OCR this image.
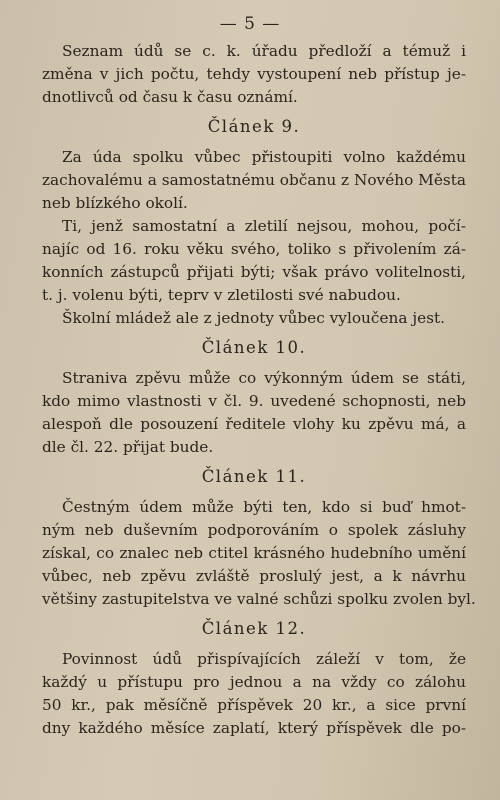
— 5 —
Seznam údů se c. k. úřadu předloží a témuž i
změna v jich počtu, tehdy vystoupení neb přístup je-
dnotlivců od času k času oznámí.
Článek 9.
Za úda spolku vůbec přistoupiti volno každému
zachovalému a samostatnému občanu z Nového Města
neb blízkého okolí.
Ti, jenž samostatní a zletilí nejsou, mohou, počí-
najíc od 16. roku věku svého, toliko s přivolením zá-
konních zástupců přijati býti; však právo volitelnosti,
t. j. volenu býti, teprv v zletilosti své nabudou.
Školní mládež ale z jednoty vůbec vyloučena jest.
Článek 10.
Straniva zpěvu může co výkonným údem se státi,
kdo mimo vlastnosti v čl. 9. uvedené schopnosti, neb
alespoň dle posouzení ředitele vlohy ku zpěvu má, a
dle čl. 22. přijat bude.
Článek 11.
Čestným údem může býti ten, kdo si buď hmot-
ným neb duševním podporováním o spolek zásluhy
získal, co znalec neb ctitel krásného hudebního umění
vůbec, neb zpěvu zvláště proslulý jest, a k návrhu
většiny zastupitelstva ve valné schůzi spolku zvolen byl.
Článek 12.
Povinnost údů přispívajících záleží v tom, že
každý u přístupu pro jednou a na vždy co zálohu
50 kr., pak měsíčně příspěvek 20 kr., a sice první
dny každého měsíce zaplatí, který příspěvek dle po-
